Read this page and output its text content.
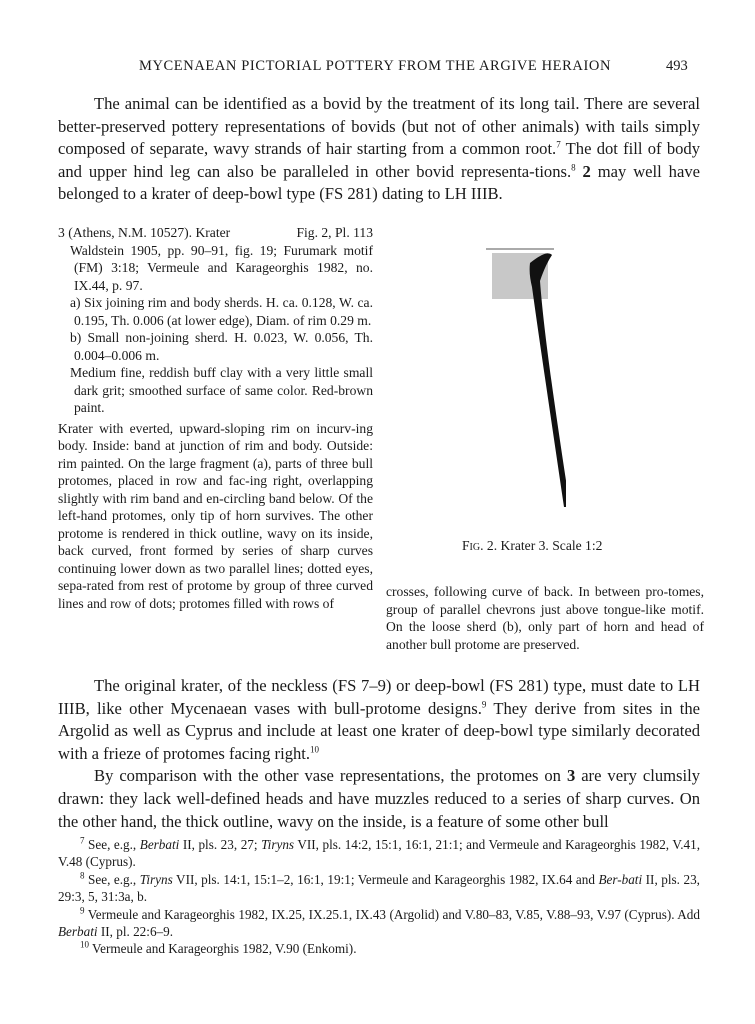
MYCENAEAN PICTORIAL POTTERY FROM THE ARGIVE HERAION	493

The animal can be identified as a bovid by the treatment of its long tail. There are several better-preserved pottery representations of bovids (but not of other animals) with tails simply composed of separate, wavy strands of hair starting from a common root.$^7$ The dot fill of body and upper hind leg can also be paralleled in other bovid representa-tions.$^8$ 2 may well have belonged to a krater of deep-bowl type (FS 281) dating to LH IIIB.

3 (Athens, N.M. 10527). Krater	Fig. 2, Pl. 113
Waldstein 1905, pp. 90–91, fig. 19; Furumark motif (FM) 3:18; Vermeule and Karageorghis 1982, no. IX.44, p. 97.
a) Six joining rim and body sherds. H. ca. 0.128, W. ca. 0.195, Th. 0.006 (at lower edge), Diam. of rim 0.29 m.
b) Small non-joining sherd. H. 0.023, W. 0.056, Th. 0.004–0.006 m.
Medium fine, reddish buff clay with a very little small dark grit; smoothed surface of same color. Red-brown paint.
Krater with everted, upward-sloping rim on incurv-ing body. Inside: band at junction of rim and body. Outside: rim painted. On the large fragment (a), parts of three bull protomes, placed in row and fac-ing right, overlapping slightly with rim band and en-circling band below. Of the left-hand protomes, only tip of horn survives. The other protome is rendered in thick outline, wavy on its inside, back curved, front formed by series of sharp curves continuing lower down as two parallel lines; dotted eyes, sepa-rated from rest of protome by group of three curved lines and row of dots; protomes filled with rows of
Fig. 2. Krater 3. Scale 1:2
crosses, following curve of back. In between pro-tomes, group of parallel chevrons just above tongue-like motif. On the loose sherd (b), only part of horn and head of another bull protome are preserved.

The original krater, of the neckless (FS 7–9) or deep-bowl (FS 281) type, must date to LH IIIB, like other Mycenaean vases with bull-protome designs.$^9$ They derive from sites in the Argolid as well as Cyprus and include at least one krater of deep-bowl type similarly decorated with a frieze of protomes facing right.$^{10}$

By comparison with the other vase representations, the protomes on 3 are very clumsily drawn: they lack well-defined heads and have muzzles reduced to a series of sharp curves. On the other hand, the thick outline, wavy on the inside, is a feature of some other bull

$^7$ See, e.g., Berbati II, pls. 23, 27; Tiryns VII, pls. 14:2, 15:1, 16:1, 21:1; and Vermeule and Karageorghis 1982, V.41, V.48 (Cyprus).

$^8$ See, e.g., Tiryns VII, pls. 14:1, 15:1–2, 16:1, 19:1; Vermeule and Karageorghis 1982, IX.64 and Ber-bati II, pls. 23, 29:3, 5, 31:3a, b.

$^9$ Vermeule and Karageorghis 1982, IX.25, IX.25.1, IX.43 (Argolid) and V.80–83, V.85, V.88–93, V.97 (Cyprus). Add Berbati II, pl. 22:6–9.

$^{10}$ Vermeule and Karageorghis 1982, V.90 (Enkomi).
